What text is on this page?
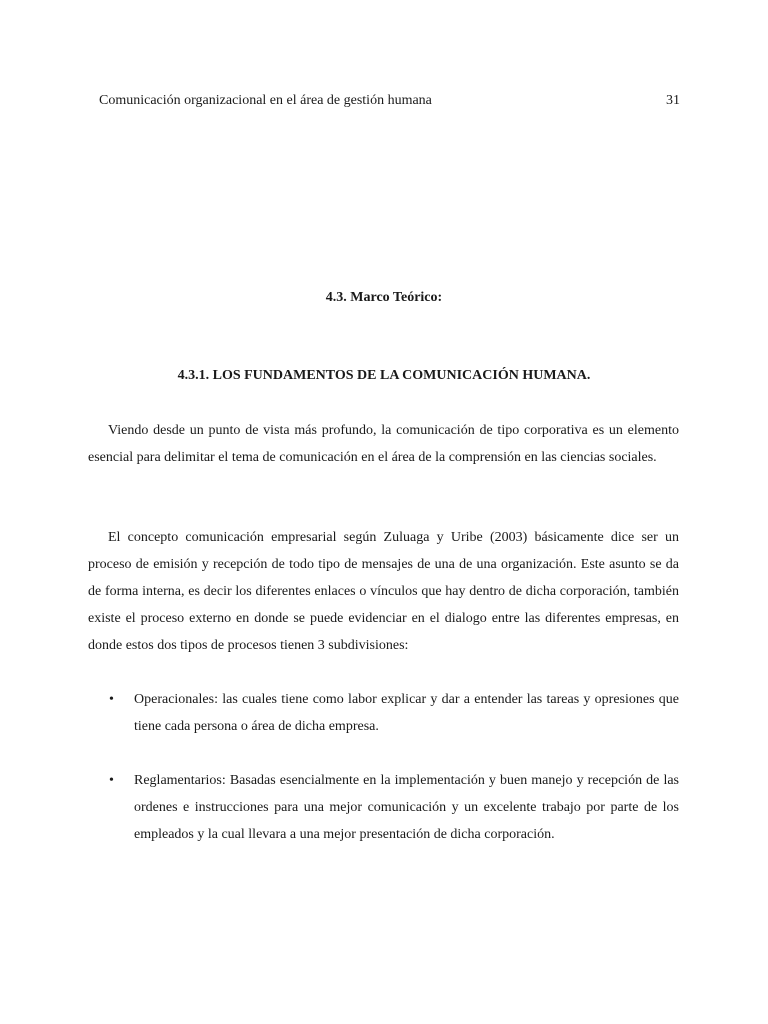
Comunicación organizacional en el área de gestión humana	31
4.3. Marco Teórico:
4.3.1. LOS FUNDAMENTOS DE LA COMUNICACIÓN HUMANA.

Viendo desde un punto de vista más profundo, la comunicación de tipo corporativa es un elemento esencial para delimitar el tema de comunicación en el área de la comprensión en las ciencias sociales.

El concepto comunicación empresarial según Zuluaga y Uribe (2003) básicamente dice ser un proceso de emisión y recepción de todo tipo de mensajes de una de una organización. Este asunto se da de forma interna, es decir los diferentes enlaces o vínculos que hay dentro de dicha corporación, también existe el proceso externo en donde se puede evidenciar en el dialogo entre las diferentes empresas, en donde estos dos tipos de procesos tienen 3 subdivisiones:

• Operacionales: las cuales tiene como labor explicar y dar a entender las tareas y opresiones que tiene cada persona o área de dicha empresa.
• Reglamentarios: Basadas esencialmente en la implementación y buen manejo y recepción de las ordenes e instrucciones para una mejor comunicación y un excelente trabajo por parte de los empleados y la cual llevara a una mejor presentación de dicha corporación.
